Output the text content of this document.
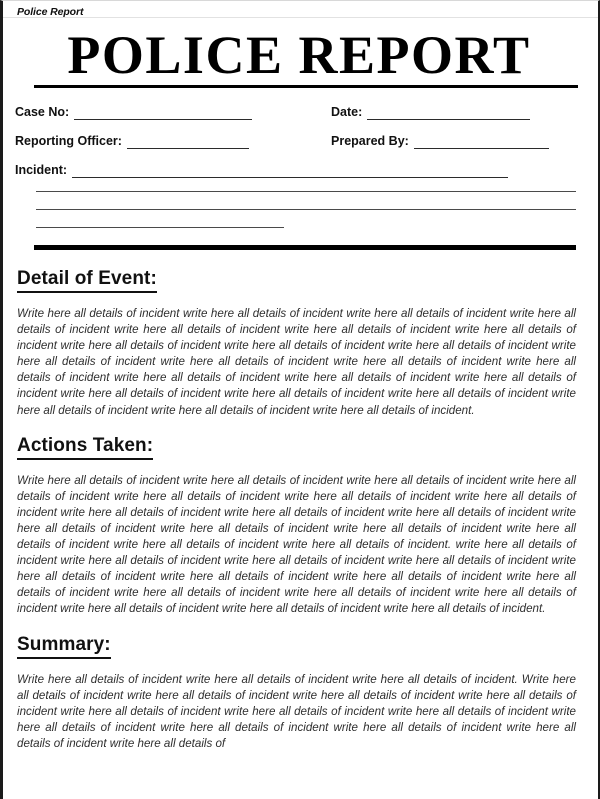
Police Report
POLICE REPORT
Case No:	Date:
Reporting Officer:	Prepared By:
Incident:
Detail of Event:

Write here all details of incident write here all details of incident write here all details of incident write here all details of incident write here all details of incident write here all details of incident write here all details of incident write here all details of incident write here all details of incident write here all details of incident write here all details of incident write here all details of incident write here all details of incident write here all details of incident write here all details of incident write here all details of incident write here all details of incident write here all details of incident write here all details of incident write here all details of incident write here all details of incident write here all details of incident write here all details of incident.

Actions Taken:

Write here all details of incident write here all details of incident write here all details of incident write here all details of incident write here all details of incident write here all details of incident write here all details of incident write here all details of incident write here all details of incident write here all details of incident write here all details of incident write here all details of incident write here all details of incident write here all details of incident write here all details of incident write here all details of incident. write here all details of incident write here all details of incident write here all details of incident write here all details of incident write here all details of incident write here all details of incident write here all details of incident write here all details of incident write here all details of incident write here all details of incident write here all details of incident write here all details of incident write here all details of incident write here all details of incident.

Summary:

Write here all details of incident write here all details of incident write here all details of incident. Write here all details of incident write here all details of incident write here all details of incident write here all details of incident write here all details of incident write here all details of incident write here all details of incident write here all details of incident write here all details of incident write here all details of incident write here all details of incident write here all details of
